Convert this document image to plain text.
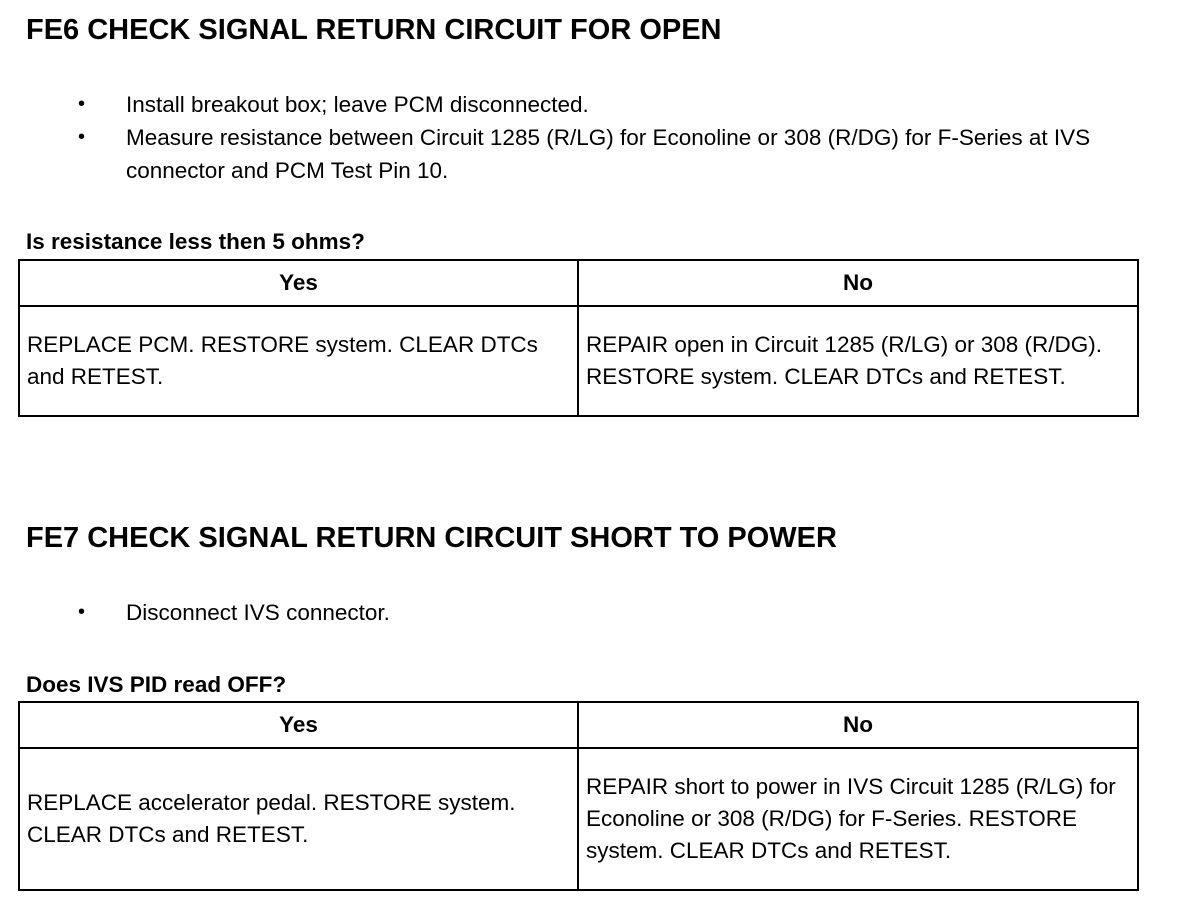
FE6 CHECK SIGNAL RETURN CIRCUIT FOR OPEN
• Install breakout box; leave PCM disconnected.
• Measure resistance between Circuit 1285 (R/LG) for Econoline or 308 (R/DG) for F-Series at IVS connector and PCM Test Pin 10.

Is resistance less then 5 ohms?

Yes	No
REPLACE PCM. RESTORE system. CLEAR DTCs and RETEST.	REPAIR open in Circuit 1285 (R/LG) or 308 (R/DG). RESTORE system. CLEAR DTCs and RETEST.
FE7 CHECK SIGNAL RETURN CIRCUIT SHORT TO POWER
• Disconnect IVS connector.

Does IVS PID read OFF?

Yes	No
REPLACE accelerator pedal. RESTORE system. CLEAR DTCs and RETEST.	REPAIR short to power in IVS Circuit 1285 (R/LG) for Econoline or 308 (R/DG) for F-Series. RESTORE system. CLEAR DTCs and RETEST.
